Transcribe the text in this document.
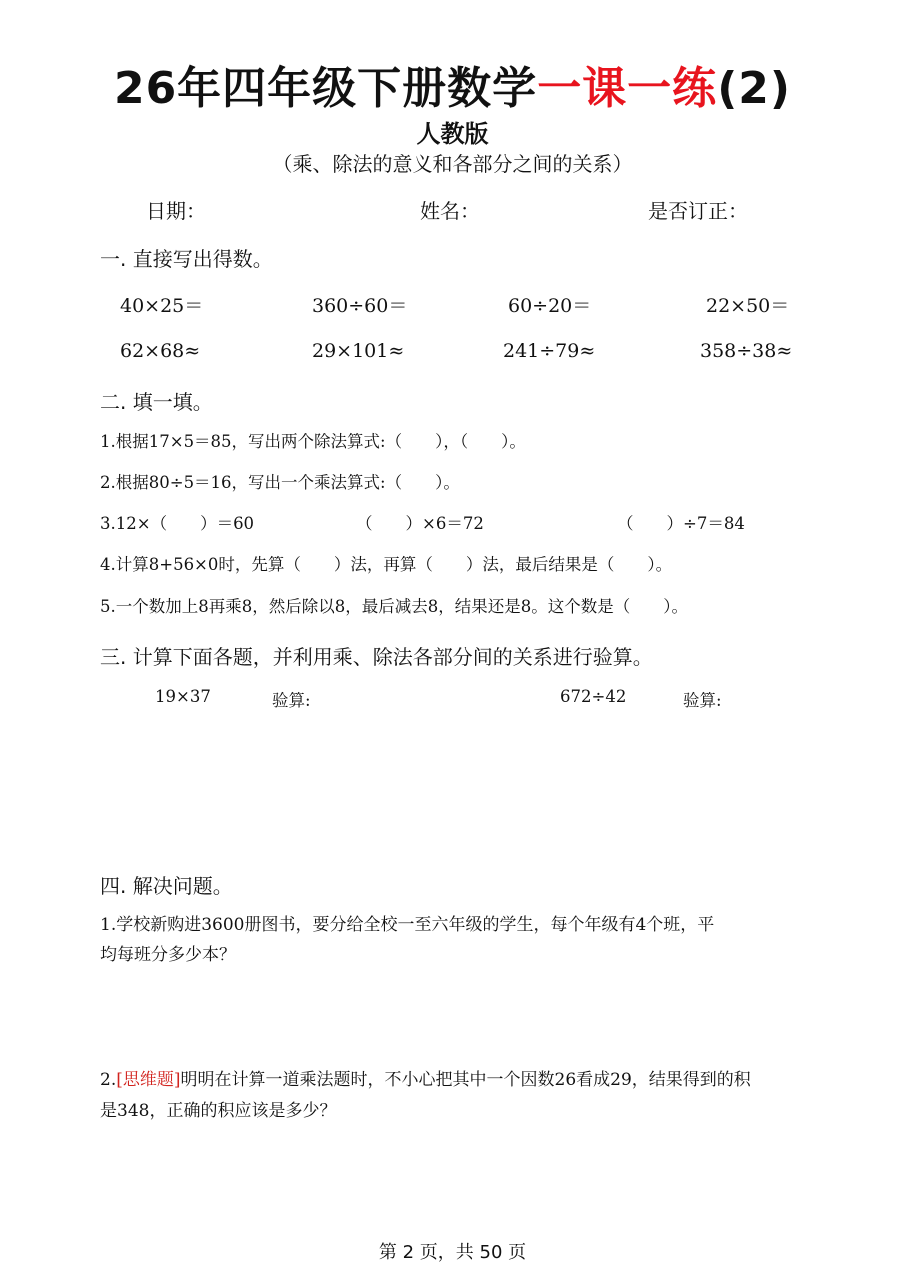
26年四年级下册数学一课一练(2)
人教版
（乘、除法的意义和各部分之间的关系）
日期：	姓名：	是否订正：
一. 直接写出得数。
40×25＝	360÷60＝	60÷20＝	22×50＝
62×68≈	29×101≈	241÷79≈	358÷38≈
二. 填一填。
1.根据17×5＝85，写出两个除法算式:（　　），（　　）。
2.根据80÷5＝16，写出一个乘法算式:（　　）。
3.12×（　　）＝60	（　　）×6＝72	（　　）÷7＝84
4.计算8+56×0时，先算（　　）法，再算（　　）法，最后结果是（　　）。
5.一个数加上8再乘8，然后除以8，最后减去8，结果还是8。这个数是（　　）。
三. 计算下面各题，并利用乘、除法各部分间的关系进行验算。
19×37	验算:	672÷42	验算:
四. 解决问题。
1.学校新购进3600册图书，要分给全校一至六年级的学生，每个年级有4个班，平
均每班分多少本？
2.[思维题]明明在计算一道乘法题时，不小心把其中一个因数26看成29，结果得到的积
是348，正确的积应该是多少？
第 2 页，共 50 页
